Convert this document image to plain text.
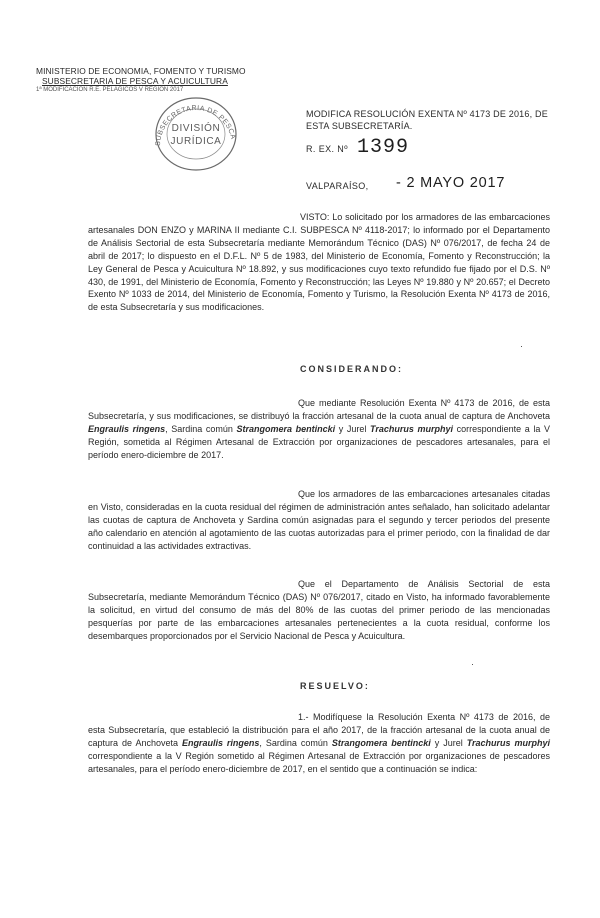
MINISTERIO DE ECONOMIA, FOMENTO Y TURISMO
SUBSECRETARIA DE PESCA Y ACUICULTURA
1ª MODIFICACIÓN R.E. PELAGICOS V REGIÓN 2017
SUBSECRETARIA DE PESCA
DIVISIÓN
JURÍDICA
MODIFICA RESOLUCIÓN EXENTA Nº 4173 DE 2016, DE ESTA SUBSECRETARÍA.
R. EX. Nº 1399
VALPARAÍSO, - 2 MAYO 2017

VISTO: Lo solicitado por los armadores de las embarcaciones artesanales DON ENZO y MARINA II mediante C.I. SUBPESCA Nº 4118-2017; lo informado por el Departamento de Análisis Sectorial de esta Subsecretaría mediante Memorándum Técnico (DAS) Nº 076/2017, de fecha 24 de abril de 2017; lo dispuesto en el D.F.L. Nº 5 de 1983, del Ministerio de Economía, Fomento y Reconstrucción; la Ley General de Pesca y Acuicultura Nº 18.892, y sus modificaciones cuyo texto refundido fue fijado por el D.S. Nº 430, de 1991, del Ministerio de Economía, Fomento y Reconstrucción; las Leyes Nº 19.880 y Nº 20.657; el Decreto Exento Nº 1033 de 2014, del Ministerio de Economía, Fomento y Turismo, la Resolución Exenta Nº 4173 de 2016, de esta Subsecretaría y sus modificaciones.

CONSIDERANDO:

Que mediante Resolución Exenta Nº 4173 de 2016, de esta Subsecretaría, y sus modificaciones, se distribuyó la fracción artesanal de la cuota anual de captura de Anchoveta Engraulis ringens, Sardina común Strangomera bentincki y Jurel Trachurus murphyi correspondiente a la V Región, sometida al Régimen Artesanal de Extracción por organizaciones de pescadores artesanales, para el período enero-diciembre de 2017.

Que los armadores de las embarcaciones artesanales citadas en Visto, consideradas en la cuota residual del régimen de administración antes señalado, han solicitado adelantar las cuotas de captura de Anchoveta y Sardina común asignadas para el segundo y tercer periodos del presente año calendario en atención al agotamiento de las cuotas autorizadas para el primer periodo, con la finalidad de dar continuidad a las actividades extractivas.

Que el Departamento de Análisis Sectorial de esta Subsecretaría, mediante Memorándum Técnico (DAS) Nº 076/2017, citado en Visto, ha informado favorablemente la solicitud, en virtud del consumo de más del 80% de las cuotas del primer periodo de las mencionadas pesquerías por parte de las embarcaciones artesanales pertenecientes a la cuota residual, conforme los desembarques proporcionados por el Servicio Nacional de Pesca y Acuicultura.

RESUELVO:

1.- Modifíquese la Resolución Exenta Nº 4173 de 2016, de esta Subsecretaría, que estableció la distribución para el año 2017, de la fracción artesanal de la cuota anual de captura de Anchoveta Engraulis ringens, Sardina común Strangomera bentincki y Jurel Trachurus murphyi correspondiente a la V Región sometido al Régimen Artesanal de Extracción por organizaciones de pescadores artesanales, para el período enero-diciembre de 2017, en el sentido que a continuación se indica:
